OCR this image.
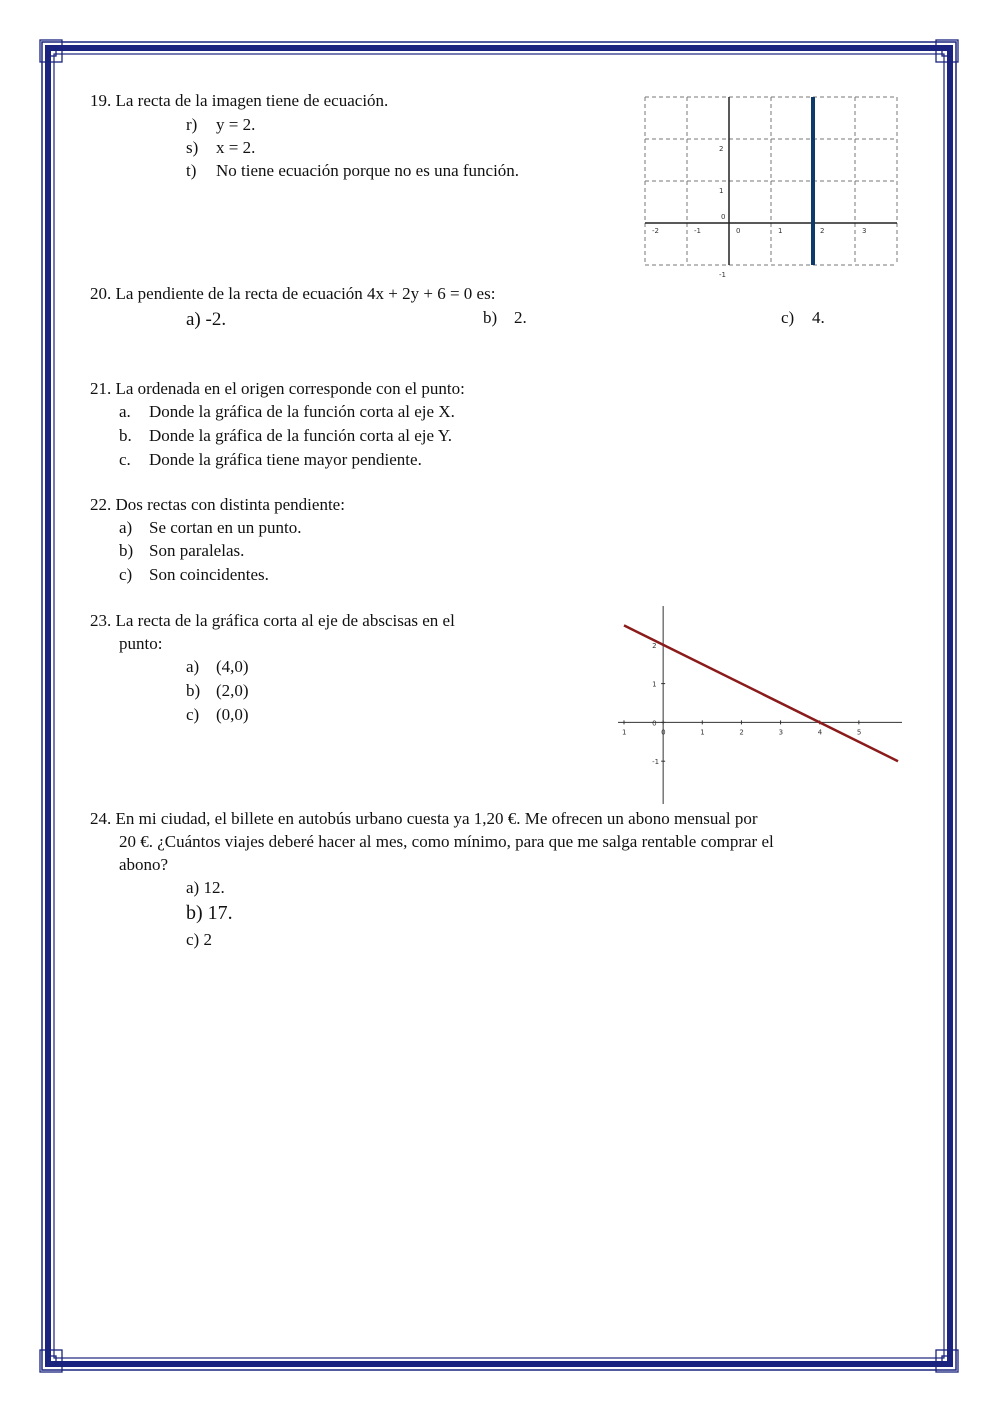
19. La recta de la imagen tiene de ecuación.
r) y = 2.
s) x = 2.
t) No tiene ecuación porque no es una función.
-2	-1	0	1	2	3
-1
0
1
2
20. La pendiente de la recta de ecuación 4x + 2y + 6 = 0 es:
a) -2.	b) 2.	c) 4.
21. La ordenada en el origen corresponde con el punto:
a. Donde la gráfica de la función corta al eje X.
b. Donde la gráfica de la función corta al eje Y.
c. Donde la gráfica tiene mayor pendiente.
22. Dos rectas con distinta pendiente:
a) Se cortan en un punto.
b) Son paralelas.
c) Son coincidentes.
23. La recta de la gráfica corta al eje de abscisas en el
punto:
a) (4,0)
b) (2,0)
c) (0,0)
1	0	1	2	3	4	5
-1
0
1
2
24. En mi ciudad, el billete en autobús urbano cuesta ya 1,20 €. Me ofrecen un abono mensual por
20 €. ¿Cuántos viajes deberé hacer al mes, como mínimo, para que me salga rentable comprar el
abono?
a) 12.
b) 17.
c) 2
